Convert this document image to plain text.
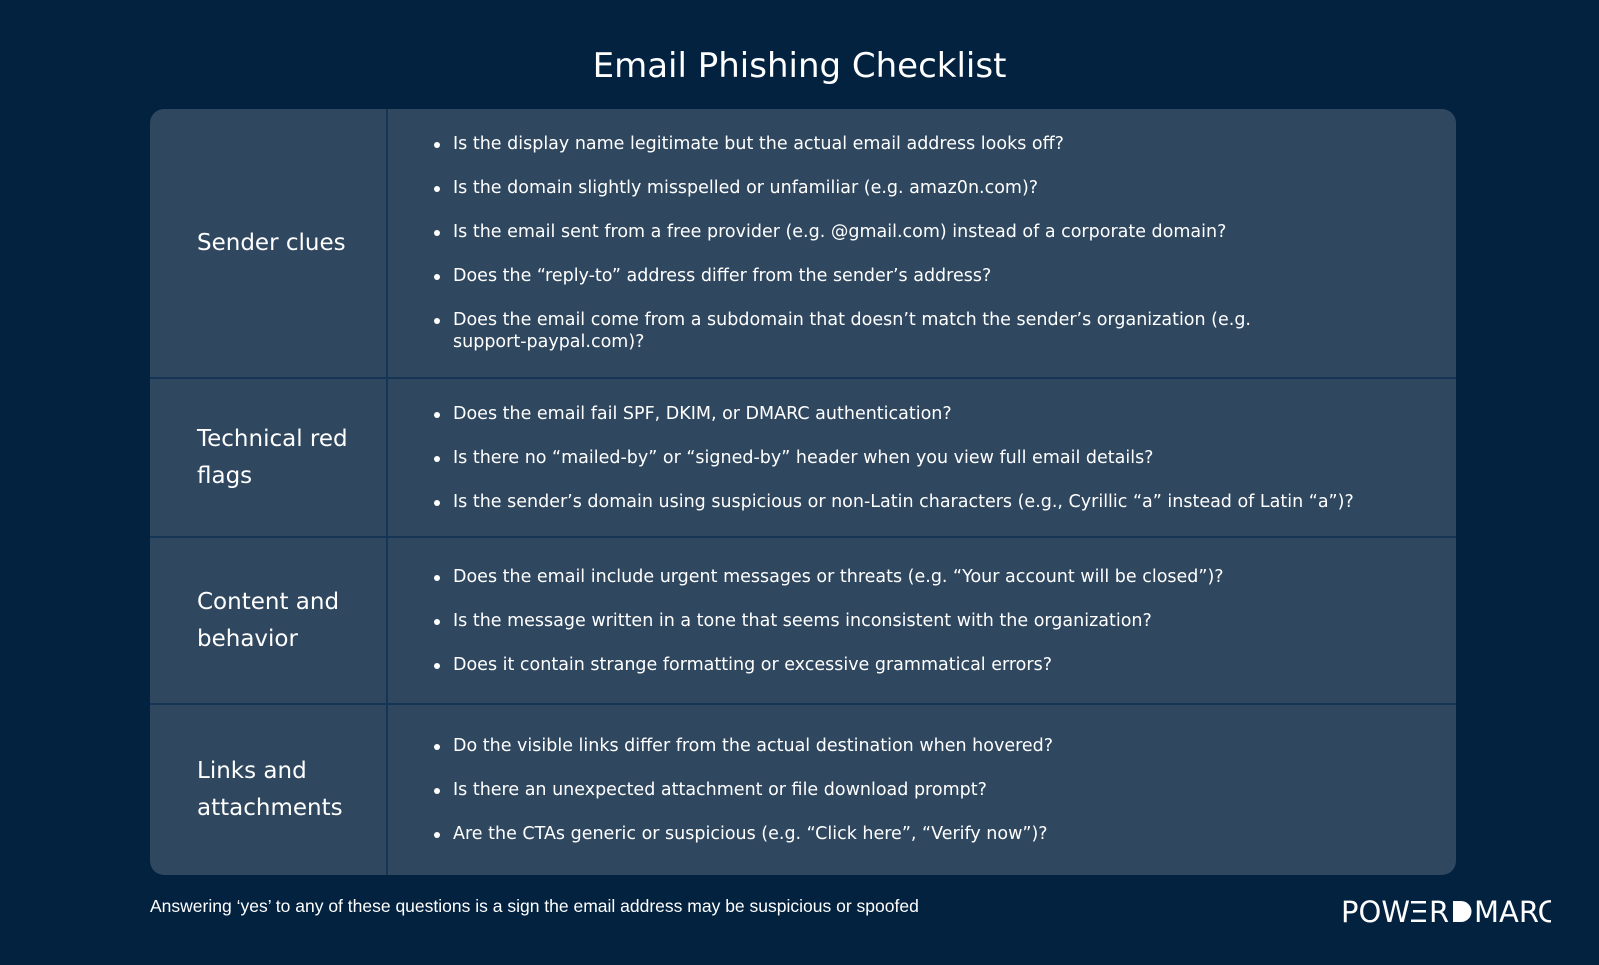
Email Phishing Checklist
Sender clues
Is the display name legitimate but the actual email address looks off?
Is the domain slightly misspelled or unfamiliar (e.g. amaz0n.com)?
Is the email sent from a free provider (e.g. @gmail.com) instead of a corporate domain?
Does the “reply-to” address differ from the sender’s address?
Does the email come from a subdomain that doesn’t match the sender’s organization (e.g. support-paypal.com)?
Technical red flags
Does the email fail SPF, DKIM, or DMARC authentication?
Is there no “mailed-by” or “signed-by” header when you view full email details?
Is the sender’s domain using suspicious or non-Latin characters (e.g., Cyrillic “а” instead of Latin “a”)?
Content and behavior
Does the email include urgent messages or threats (e.g. “Your account will be closed”)?
Is the message written in a tone that seems inconsistent with the organization?
Does it contain strange formatting or excessive grammatical errors?
Links and attachments
Do the visible links differ from the actual destination when hovered?
Is there an unexpected attachment or file download prompt?
Are the CTAs generic or suspicious (e.g. “Click here”, “Verify now”)?
Answering ‘yes’ to any of these questions is a sign the email address may be suspicious or spoofed	POW R MARC
